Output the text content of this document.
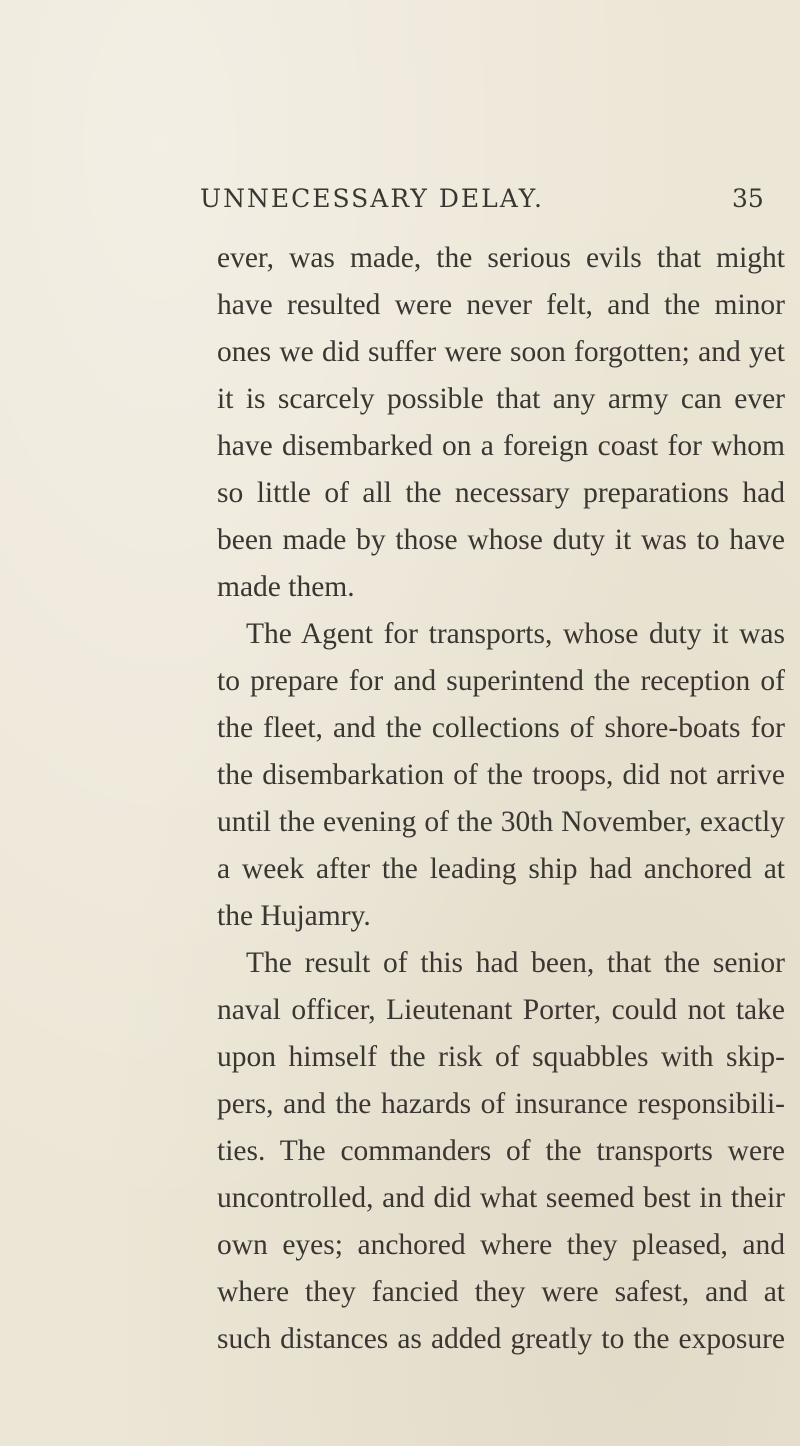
UNNECESSARY DELAY.	35
ever, was made, the serious evils that might
have resulted were never felt, and the minor
ones we did suffer were soon forgotten; and yet
it is scarcely possible that any army can ever
have disembarked on a foreign coast for whom
so little of all the necessary preparations had
been made by those whose duty it was to have
made them.
The Agent for transports, whose duty it was
to prepare for and superintend the reception of
the fleet, and the collections of shore-boats for
the disembarkation of the troops, did not arrive
until the evening of the 30th November, exactly
a week after the leading ship had anchored at
the Hujamry.
The result of this had been, that the senior
naval officer, Lieutenant Porter, could not take
upon himself the risk of squabbles with skip-
pers, and the hazards of insurance responsibili-
ties. The commanders of the transports were
uncontrolled, and did what seemed best in their
own eyes; anchored where they pleased, and
where they fancied they were safest, and at
such distances as added greatly to the exposure
